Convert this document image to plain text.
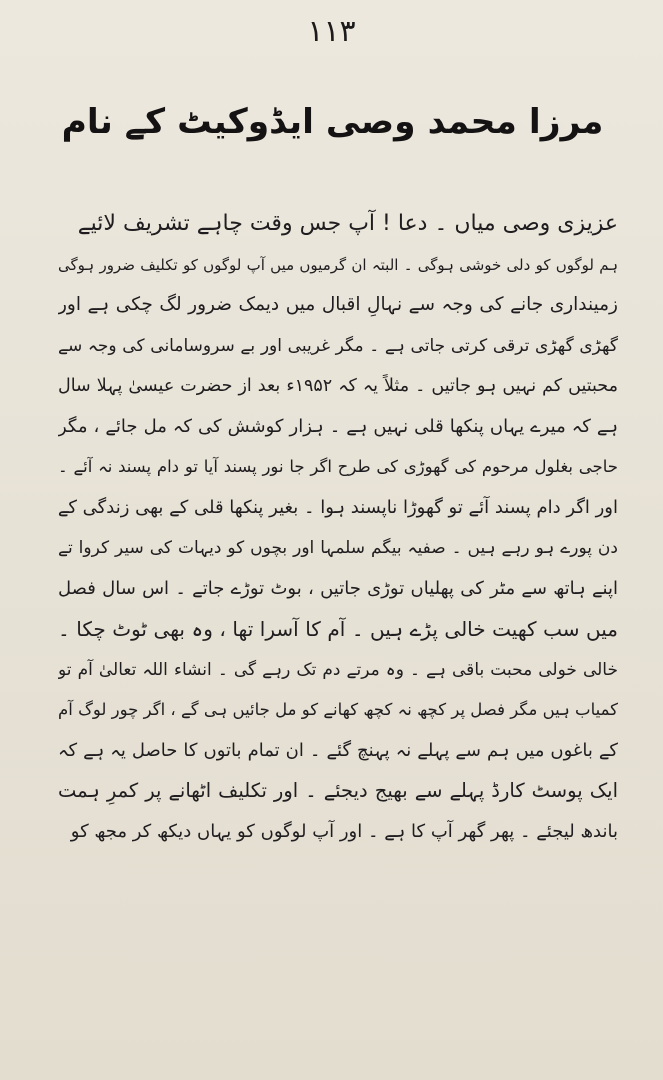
۱۱۳
مرزا محمد وصی ایڈوکیٹ کے نام
عزیزی وصی میاں ۔ دعا ! آپ جس وقت چاہے تشریف لائیے
ہم لوگوں کو دلی خوشی ہوگی ۔ البتہ ان گرمیوں میں آپ لوگوں کو تکلیف ضرور ہوگی
زمینداری جانے کی وجہ سے نہالِ اقبال میں دیمک ضرور لگ چکی ہے اور
گھڑی گھڑی ترقی کرتی جاتی ہے ۔ مگر غریبی اور بے سروسامانی کی وجہ سے
محبتیں کم نہیں ہو جاتیں ۔ مثلاً یہ کہ ۱۹۵۲ء بعد از حضرت عیسیٰ پہلا سال
ہے کہ میرے یہاں پنکھا قلی نہیں ہے ۔ ہزار کوشش کی کہ مل جائے ، مگر
حاجی بغلول مرحوم کی گھوڑی کی طرح اگر جا نور پسند آیا تو دام پسند نہ آئے ۔
اور اگر دام پسند آئے تو گھوڑا ناپسند ہوا ۔ بغیر پنکھا قلی کے بھی زندگی کے
دن پورے ہو رہے ہیں ۔ صفیہ بیگم سلمہا اور بچوں کو دیہات کی سیر کروا تے
اپنے ہاتھ سے مٹر کی پھلیاں توڑی جاتیں ، بوٹ توڑے جاتے ۔ اس سال فصل
میں سب کھیت خالی پڑے ہیں ۔ آم کا آسرا تھا ، وہ بھی ٹوٹ چکا ۔
خالی خولی محبت باقی ہے ۔ وہ مرتے دم تک رہے گی ۔ انشاء اللہ تعالیٰ آم تو
کمیاب ہیں مگر فصل پر کچھ نہ کچھ کھانے کو مل جائیں ہی گے ، اگر چور لوگ آم
کے باغوں میں ہم سے پہلے نہ پہنچ گئے ۔ ان تمام باتوں کا حاصل یہ ہے کہ
ایک پوسٹ کارڈ پہلے سے بھیج دیجئے ۔ اور تکلیف اٹھانے پر کمرِ ہمت
باندھ لیجئے ۔ پھر گھر آپ کا ہے ۔ اور آپ لوگوں کو یہاں دیکھ کر مجھ کو
